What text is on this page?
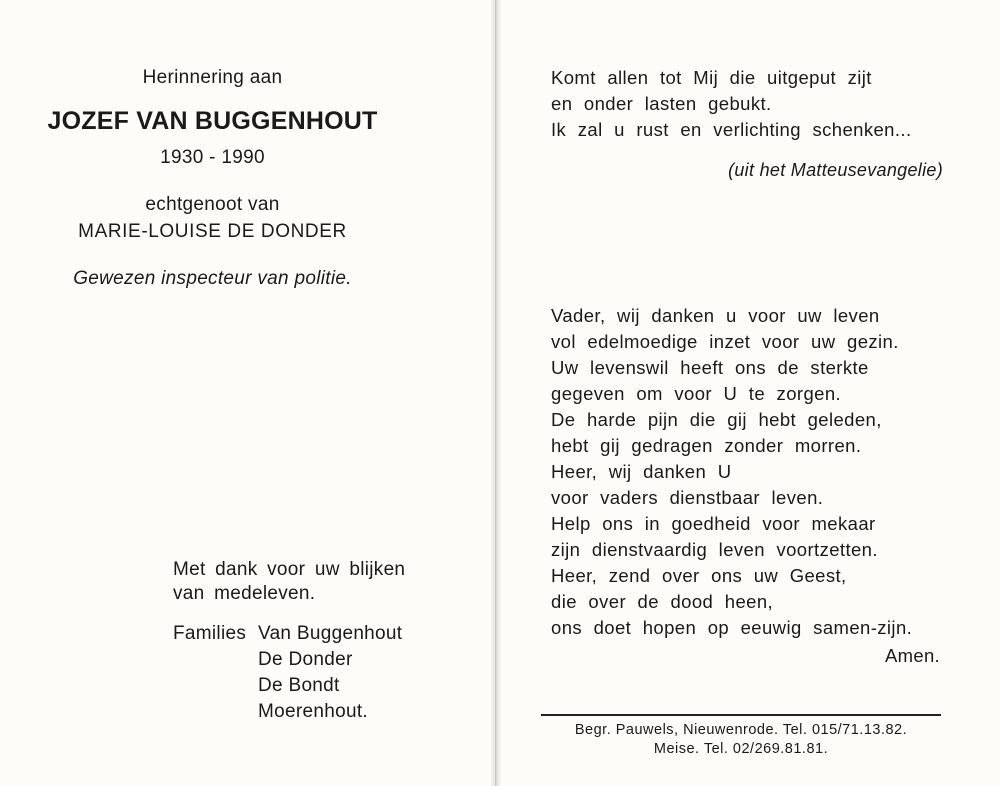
Herinnering aan
JOZEF VAN BUGGENHOUT
1930 - 1990
echtgenoot van
MARIE-LOUISE DE DONDER
Gewezen inspecteur van politie.
Met dank voor uw blijken
van medeleven.
Families Van Buggenhout
De Donder
De Bondt
Moerenhout.
Komt allen tot Mij die uitgeput zijt
en onder lasten gebukt.
Ik zal u rust en verlichting schenken...
(uit het Matteusevangelie)
Vader, wij danken u voor uw leven
vol edelmoedige inzet voor uw gezin.
Uw levenswil heeft ons de sterkte
gegeven om voor U te zorgen.
De harde pijn die gij hebt geleden,
hebt gij gedragen zonder morren.
Heer, wij danken U
voor vaders dienstbaar leven.
Help ons in goedheid voor mekaar
zijn dienstvaardig leven voortzetten.
Heer, zend over ons uw Geest,
die over de dood heen,
ons doet hopen op eeuwig samen-zijn.
Amen.
Begr. Pauwels, Nieuwenrode. Tel. 015/71.13.82.
Meise. Tel. 02/269.81.81.
